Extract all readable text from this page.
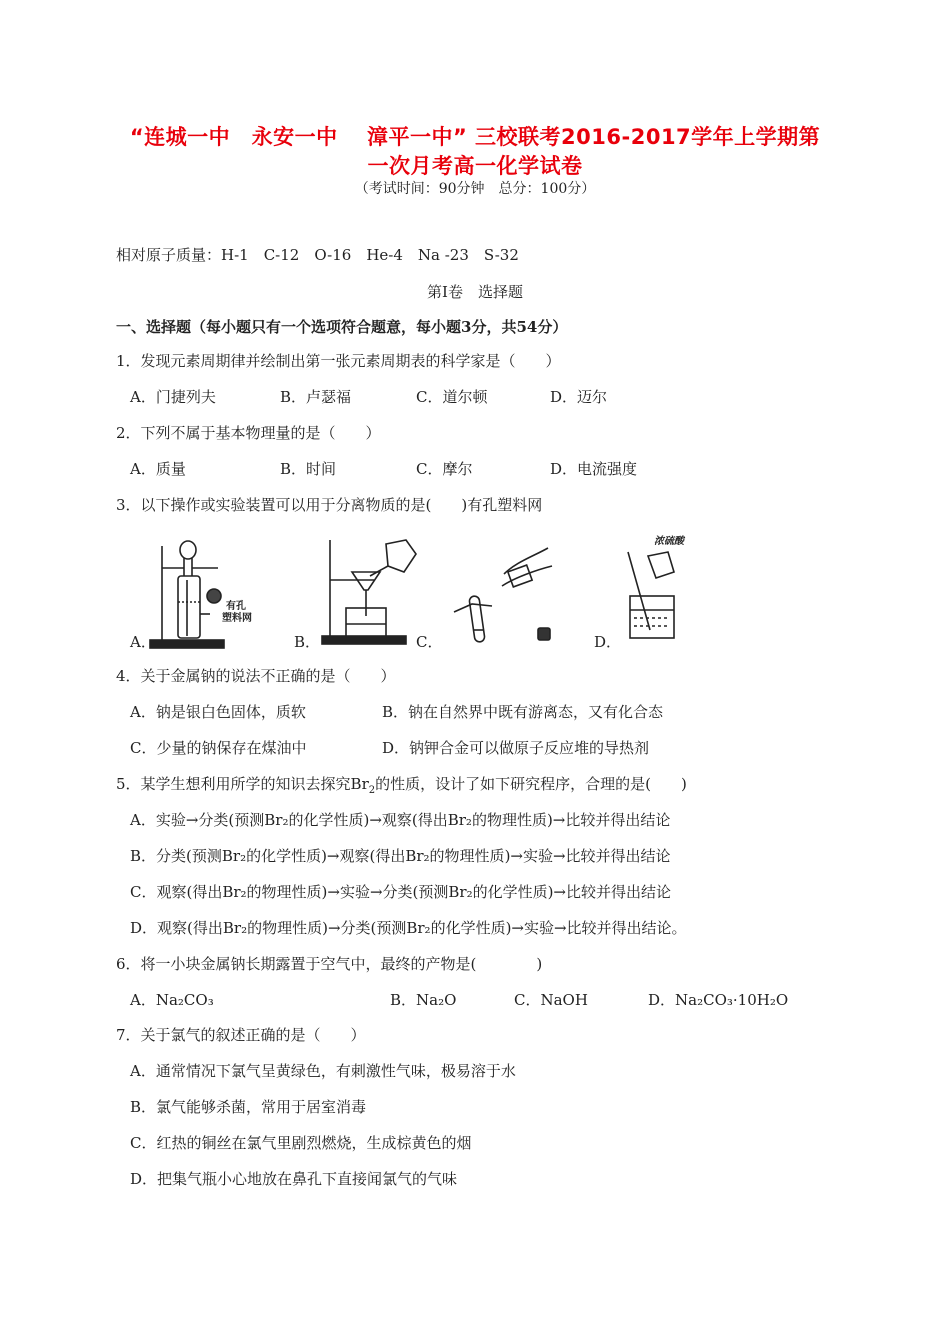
“连城一中　永安一中　 漳平一中” 三校联考2016-2017学年上学期第
一次月考高一化学试卷
（考试时间：90分钟　总分：100分）
相对原子质量：H-1　C-12　O-16　He-4　Na -23　S-32
第Ⅰ卷　选择题
一、选择题（每小题只有一个选项符合题意，每小题3分，共54分）
1．发现元素周期律并绘制出第一张元素周期表的科学家是（　　）
A．门捷列夫	B．卢瑟福	C．道尔顿	D．迈尔
2．下列不属于基本物理量的是（　　）
A．质量	B．时间	C．摩尔	D．电流强度
3．以下操作或实验装置可以用于分离物质的是(　　)有孔塑料网
有孔
塑料网
浓硫酸
A．	B．	C．	D．
4．关于金属钠的说法不正确的是（　　）
A．钠是银白色固体，质软	B．钠在自然界中既有游离态，又有化合态
C．少量的钠保存在煤油中	D．钠钾合金可以做原子反应堆的导热剂
5．某学生想利用所学的知识去探究$Br_2$的性质，设计了如下研究程序，合理的是(　　)
A．实验→分类(预测Br₂的化学性质)→观察(得出Br₂的物理性质)→比较并得出结论
B．分类(预测Br₂的化学性质)→观察(得出Br₂的物理性质)→实验→比较并得出结论
C．观察(得出Br₂的物理性质)→实验→分类(预测Br₂的化学性质)→比较并得出结论
D．观察(得出Br₂的物理性质)→分类(预测Br₂的化学性质)→实验→比较并得出结论。
6．将一小块金属钠长期露置于空气中，最终的产物是(　　　　)
A．Na₂CO₃	B．Na₂O	C．NaOH	D．Na₂CO₃·10H₂O
7．关于氯气的叙述正确的是（　　）
A．通常情况下氯气呈黄绿色，有刺激性气味，极易溶于水
B．氯气能够杀菌，常用于居室消毒
C．红热的铜丝在氯气里剧烈燃烧，生成棕黄色的烟
D．把集气瓶小心地放在鼻孔下直接闻氯气的气味
